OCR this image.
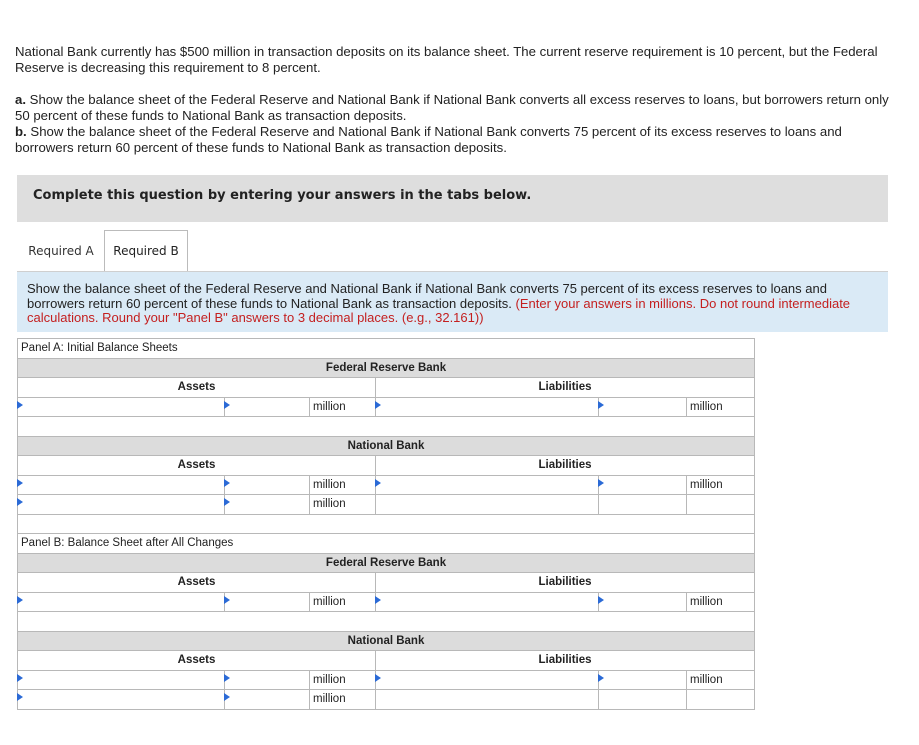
National Bank currently has $500 million in transaction deposits on its balance sheet. The current reserve requirement is 10 percent, but the Federal Reserve is decreasing this requirement to 8 percent.

a. Show the balance sheet of the Federal Reserve and National Bank if National Bank converts all excess reserves to loans, but borrowers return only 50 percent of these funds to National Bank as transaction deposits.

b. Show the balance sheet of the Federal Reserve and National Bank if National Bank converts 75 percent of its excess reserves to loans and borrowers return 60 percent of these funds to National Bank as transaction deposits.

Complete this question by entering your answers in the tabs below.
Required A	Required B
Show the balance sheet of the Federal Reserve and National Bank if National Bank converts 75 percent of its excess reserves to loans and borrowers return 60 percent of these funds to National Bank as transaction deposits. (Enter your answers in millions. Do not round intermediate calculations. Round your "Panel B" answers to 3 decimal places. (e.g., 32.161))
Panel A: Initial Balance Sheets					
Federal Reserve Bank					
Assets			Liabilities		

	million			million

National Bank					
Assets			Liabilities		

	million			million

	million			

Panel B: Balance Sheet after All Changes					
Federal Reserve Bank					
Assets			Liabilities		

	million			million

National Bank					
Assets			Liabilities		

	million			million

	million			
